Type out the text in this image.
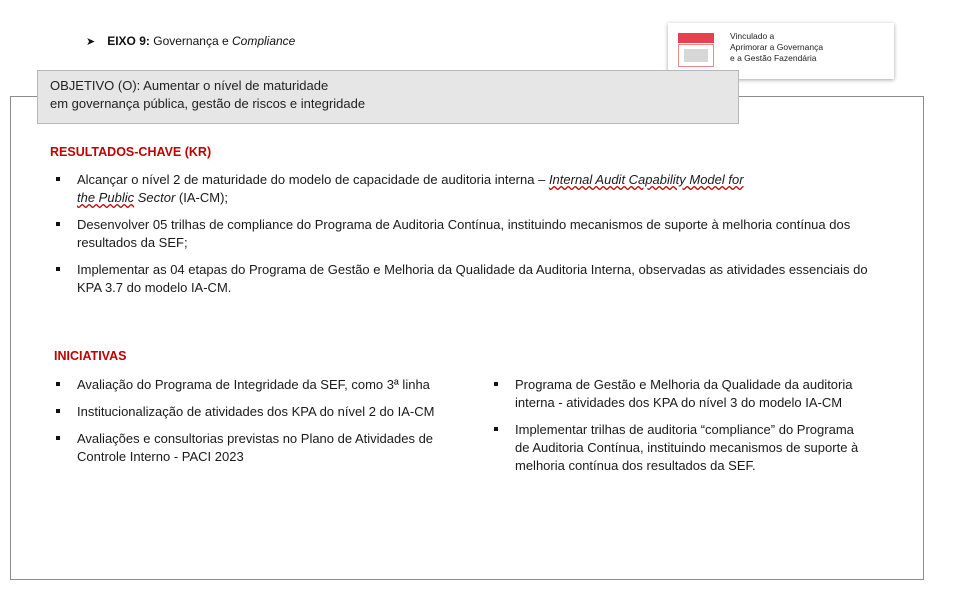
➤ EIXO 9:
Governança e
Compliance	Vinculado a
Aprimorar a Governança
e a Gestão Fazendária
OBJETIVO (O): Aumentar o nível de maturidade
em governança pública, gestão de riscos e integridade
RESULTADOS-CHAVE (KR)
Alcançar o nível 2 de maturidade do modelo de capacidade de auditoria interna – Internal Audit Capability Model for
the Public Sector (IA-CM);
Desenvolver 05 trilhas de compliance do Programa de Auditoria Contínua, instituindo mecanismos de suporte à melhoria contínua dos resultados da SEF;
Implementar as 04 etapas do Programa de Gestão e Melhoria da Qualidade da Auditoria Interna, observadas as atividades essenciais do KPA 3.7 do modelo IA-CM.
INICIATIVAS
Avaliação do Programa de Integridade da SEF, como 3ª linha
Institucionalização de atividades dos KPA do nível 2 do IA-CM
Avaliações e consultorias previstas no Plano de Atividades de Controle Interno - PACI 2023
Programa de Gestão e Melhoria da Qualidade da auditoria interna - atividades dos KPA do nível 3 do modelo IA-CM
Implementar trilhas de auditoria “compliance” do Programa de Auditoria Contínua, instituindo mecanismos de suporte à melhoria contínua dos resultados da SEF.
